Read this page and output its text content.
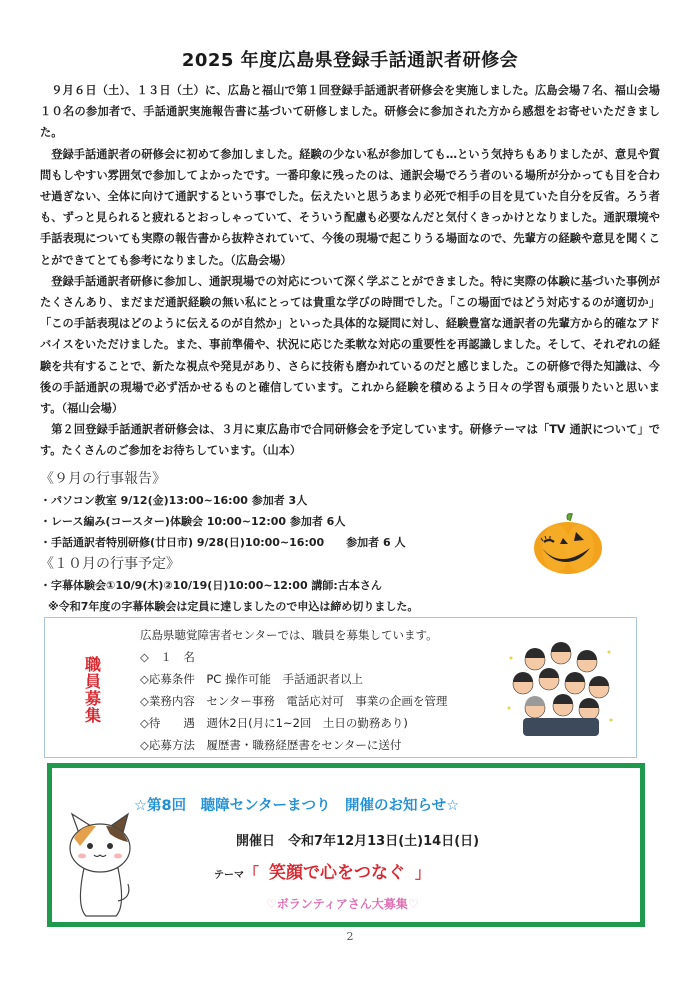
2025 年度広島県登録手話通訳者研修会

９月６日（土）、１３日（土）に、広島と福山で第１回登録手話通訳者研修会を実施しました。広島会場７名、福山会場１０名の参加者で、手話通訳実施報告書に基づいて研修しました。研修会に参加された方から感想をお寄せいただきました。

登録手話通訳者の研修会に初めて参加しました。経験の少ない私が参加しても…という気持ちもありましたが、意見や質問もしやすい雰囲気で参加してよかったです。一番印象に残ったのは、通訳会場でろう者のいる場所が分かっても目を合わせ過ぎない、全体に向けて通訳するという事でした。伝えたいと思うあまり必死で相手の目を見ていた自分を反省。ろう者も、ずっと見られると疲れるとおっしゃっていて、そういう配慮も必要なんだと気付くきっかけとなりました。通訳環境や手話表現についても実際の報告書から抜粋されていて、今後の現場で起こりうる場面なので、先輩方の経験や意見を聞くことができてとても参考になりました。（広島会場）

登録手話通訳者研修に参加し、通訳現場での対応について深く学ぶことができました。特に実際の体験に基づいた事例がたくさんあり、まだまだ通訳経験の無い私にとっては貴重な学びの時間でした。「この場面ではどう対応するのが適切か」「この手話表現はどのように伝えるのが自然か」といった具体的な疑問に対し、経験豊富な通訳者の先輩方から的確なアドバイスをいただけました。また、事前準備や、状況に応じた柔軟な対応の重要性を再認識しました。そして、それぞれの経験を共有することで、新たな視点や発見があり、さらに技術も磨かれているのだと感じました。この研修で得た知識は、今後の手話通訳の現場で必ず活かせるものと確信しています。これから経験を積めるよう日々の学習も頑張りたいと思います。（福山会場）

第２回登録手話通訳者研修会は、３月に東広島市で合同研修会を予定しています。研修テーマは「TV 通訳について」です。たくさんのご参加をお待ちしています。（山本）

《９月の行事報告》
・パソコン教室 9/12(金)13:00~16:00 参加者 3人
・レース編み(コースター)体験会 10:00~12:00 参加者 6人
・手話通訳者特別研修(廿日市) 9/28(日)10:00~16:00　　参加者 6 人
《１０月の行事予定》
・字幕体験会①10/9(木)②10/19(日)10:00~12:00 講師:古本さん
※令和7年度の字幕体験会は定員に達しましたので申込は締め切りました。
職員募集
広島県聴覚障害者センターでは、職員を募集しています。
◇　１　名
◇応募条件　PC 操作可能　手話通訳者以上
◇業務内容　センター事務　電話応対可　事業の企画を管理
◇待　　遇　週休2日(月に1~2回　土日の勤務あり)
◇応募方法　履歴書・職務経歴書をセンターに送付
☆第8回　聴障センターまつり　開催のお知らせ☆
開催日　令和7年12月13日(土)14日(日)
テーマ「 笑顔で心をつなぐ 」
♡ボランティアさん大募集♡
2
